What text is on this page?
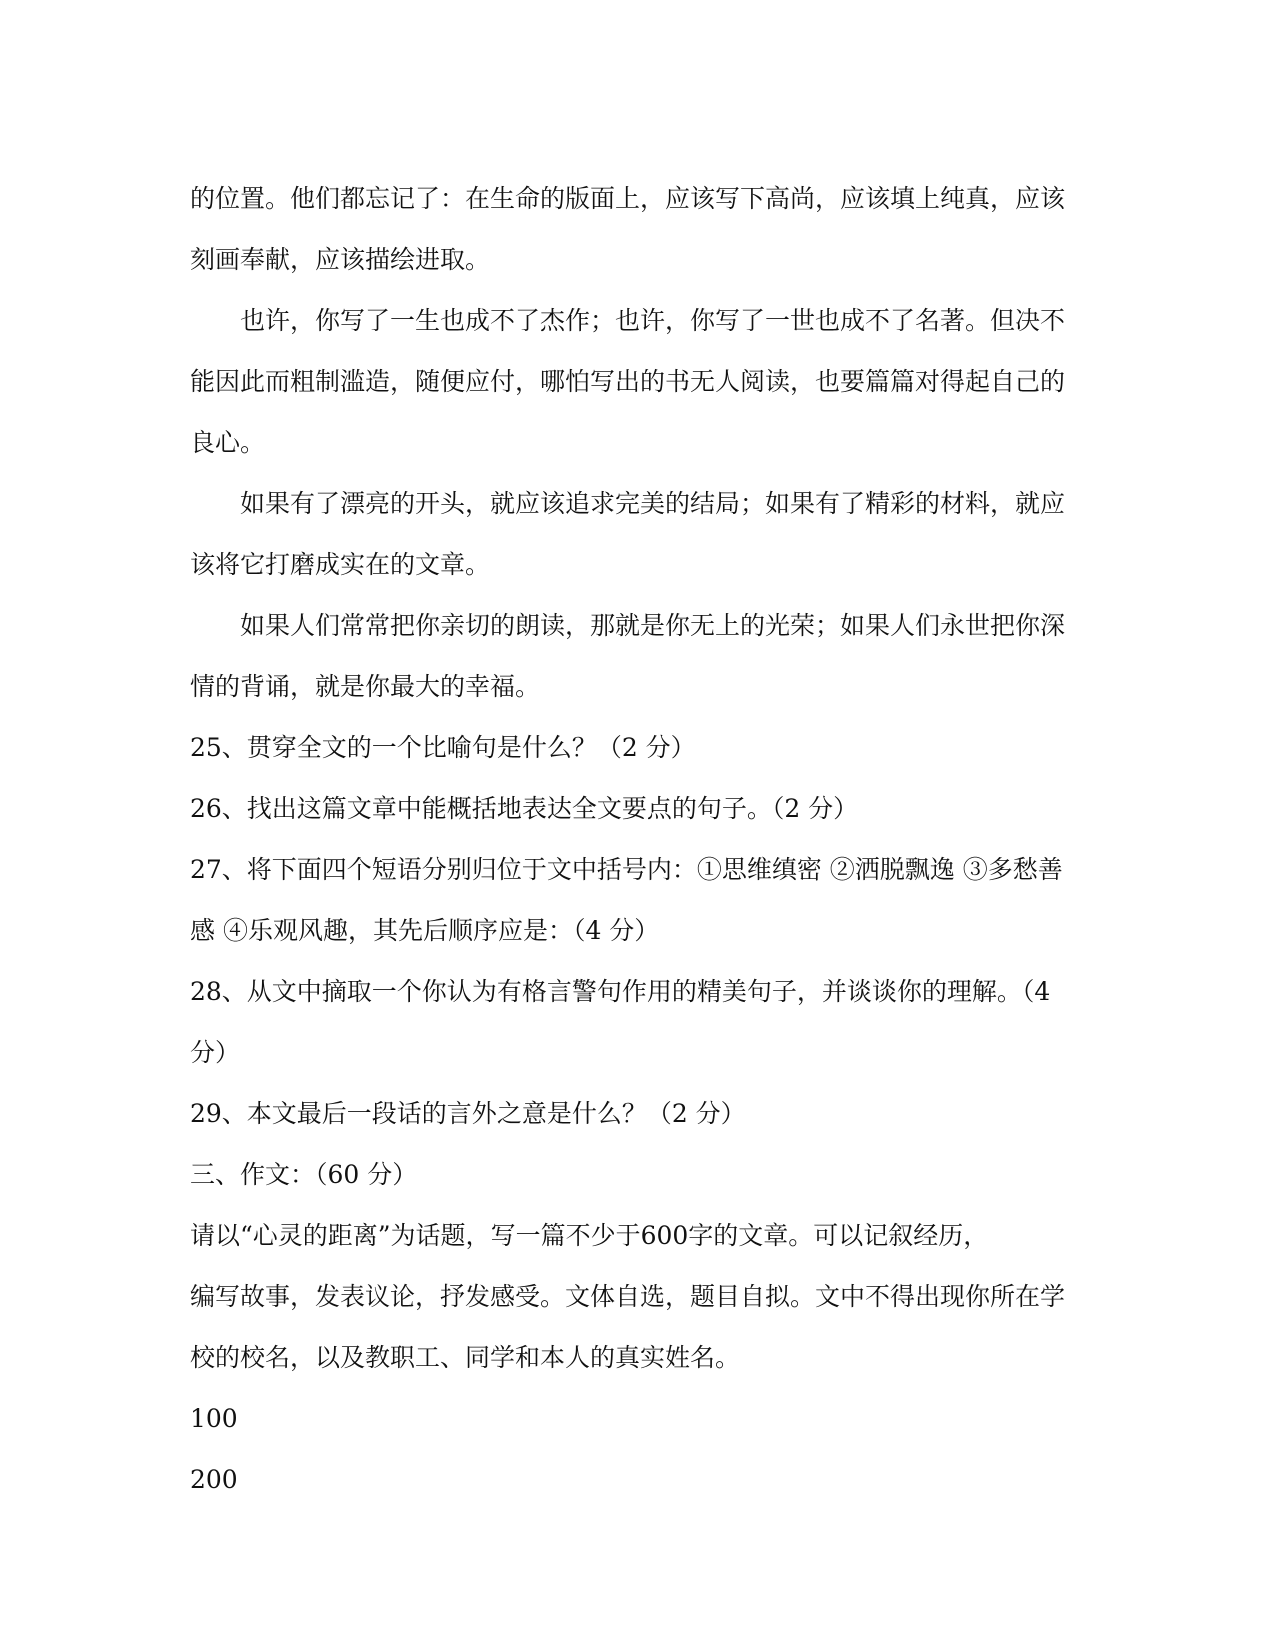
的位置。他们都忘记了：在生命的版面上，应该写下高尚，应该填上纯真，应该
刻画奉献，应该描绘进取。
也许，你写了一生也成不了杰作；也许，你写了一世也成不了名著。但决不
能因此而粗制滥造，随便应付，哪怕写出的书无人阅读，也要篇篇对得起自己的
良心。
如果有了漂亮的开头，就应该追求完美的结局；如果有了精彩的材料，就应
该将它打磨成实在的文章。
如果人们常常把你亲切的朗读，那就是你无上的光荣；如果人们永世把你深
情的背诵，就是你最大的幸福。
25、贯穿全文的一个比喻句是什么？（2 分）
26、找出这篇文章中能概括地表达全文要点的句子。（2 分）
27、将下面四个短语分别归位于文中括号内：①思维缜密 ②洒脱飘逸 ③多愁善
感 ④乐观风趣，其先后顺序应是：（4 分）
28、从文中摘取一个你认为有格言警句作用的精美句子，并谈谈你的理解。（4
分）
29、本文最后一段话的言外之意是什么？（2 分）
三、作文：（60 分）
请以“心灵的距离”为话题，写一篇不少于600字的文章。可以记叙经历，
编写故事，发表议论，抒发感受。文体自选，题目自拟。文中不得出现你所在学
校的校名，以及教职工、同学和本人的真实姓名。
100
200
